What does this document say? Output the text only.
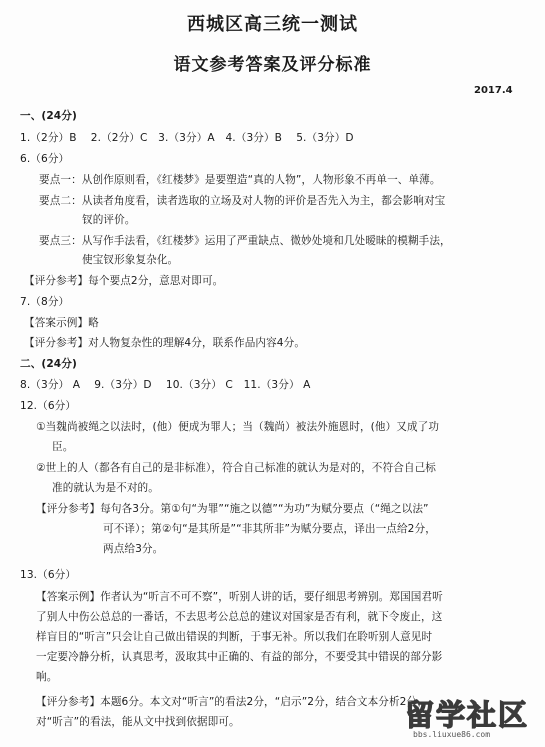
西城区高三统一测试
语文参考答案及评分标准
2017.4
一、(24分)
1.（2分）B　 2.（2分）C　3.（3分）A　4.（3分）B　 5.（3分）D
6.（6分）
要点一：从创作原则看，《红楼梦》是要塑造“真的人物”，人物形象不再单一、单薄。
要点二：从读者角度看，读者选取的立场及对人物的评价是否先入为主，都会影响对宝
钗的评价。
要点三：从写作手法看，《红楼梦》运用了严重缺点、微妙处境和几处暧昧的模糊手法，
使宝钗形象复杂化。
【评分参考】每个要点2分，意思对即可。
7.（8分）
【答案示例】略
【评分参考】对人物复杂性的理解4分，联系作品内容4分。
二、(24分)
8.（3分） A　 9.（3分）D　 10.（3分） C　11.（3分） A
12.（6分）
①当魏尚被绳之以法时，(他）便成为罪人；当（魏尚）被法外施恩时，(他）又成了功
臣。
②世上的人（都各有自己的是非标准），符合自己标准的就认为是对的，不符合自己标
准的就认为是不对的。
【评分参考】每句各3分。第①句“为罪”“施之以德”“为功”为赋分要点（“绳之以法”
可不译）；第②句“是其所是”“非其所非”为赋分要点，译出一点给2分，
两点给3分。
13.（6分）
【答案示例】作者认为“听言不可不察”，听别人讲的话，要仔细思考辨别。郑国国君听
了别人中伤公总总的一番话，不去思考公总总的建议对国家是否有利，就下令废止，这
样盲目的“听言”只会让自己做出错误的判断，于事无补。所以我们在聆听别人意见时
一定要冷静分析，认真思考，汲取其中正确的、有益的部分，不要受其中错误的部分影
响。
【评分参考】本题6分。本文对“听言”的看法2分，“启示”2分，结合文本分析2分，
对“听言”的看法，能从文中找到依据即可。	留学社区
bbs.liuxue86.com
